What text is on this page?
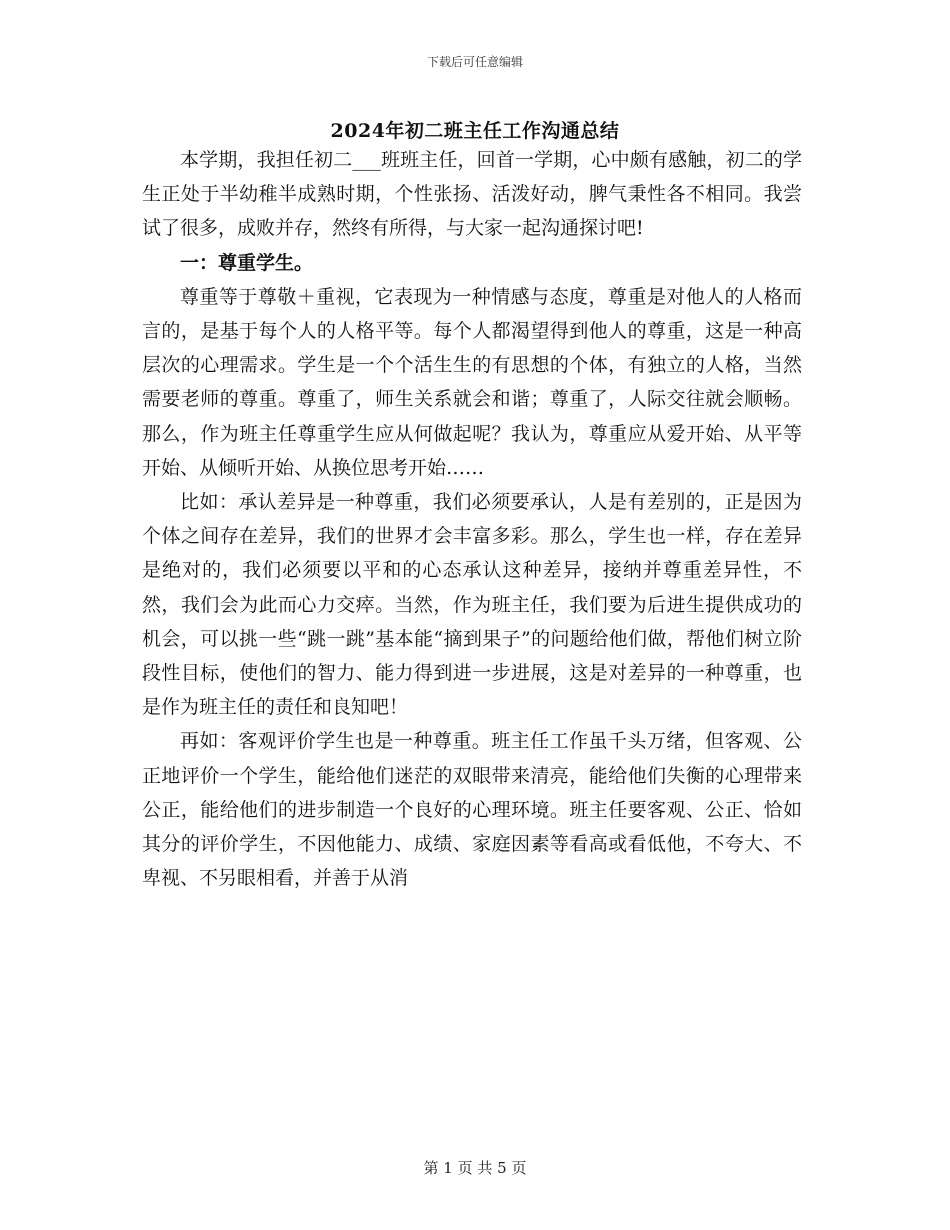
下载后可任意编辑
2024年初二班主任工作沟通总结

本学期，我担任初二___班班主任，回首一学期，心中颇有感触，初二的学生正处于半幼稚半成熟时期，个性张扬、活泼好动，脾气秉性各不相同。我尝试了很多，成败并存，然终有所得，与大家一起沟通探讨吧!

一：尊重学生。

尊重等于尊敬＋重视，它表现为一种情感与态度，尊重是对他人的人格而言的，是基于每个人的人格平等。每个人都渴望得到他人的尊重，这是一种高层次的心理需求。学生是一个个活生生的有思想的个体，有独立的人格，当然需要老师的尊重。尊重了，师生关系就会和谐；尊重了，人际交往就会顺畅。那么，作为班主任尊重学生应从何做起呢？我认为，尊重应从爱开始、从平等开始、从倾听开始、从换位思考开始……

比如：承认差异是一种尊重，我们必须要承认，人是有差别的，正是因为个体之间存在差异，我们的世界才会丰富多彩。那么，学生也一样，存在差异是绝对的，我们必须要以平和的心态承认这种差异，接纳并尊重差异性，不然，我们会为此而心力交瘁。当然，作为班主任，我们要为后进生提供成功的机会，可以挑一些“跳一跳”基本能“摘到果子”的问题给他们做，帮他们树立阶段性目标，使他们的智力、能力得到进一步进展，这是对差异的一种尊重，也是作为班主任的责任和良知吧！

再如：客观评价学生也是一种尊重。班主任工作虽千头万绪，但客观、公正地评价一个学生，能给他们迷茫的双眼带来清亮，能给他们失衡的心理带来公正，能给他们的进步制造一个良好的心理环境。班主任要客观、公正、恰如其分的评价学生，不因他能力、成绩、家庭因素等看高或看低他，不夸大、不卑视、不另眼相看，并善于从消

第 1 页 共 5 页
